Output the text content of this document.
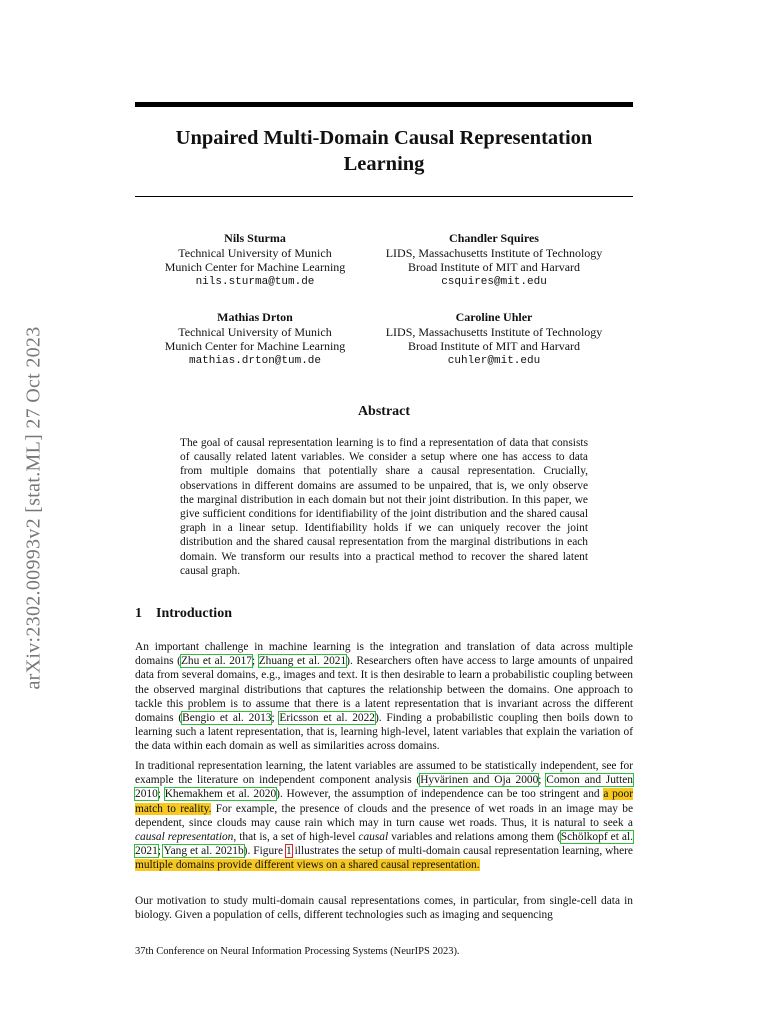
arXiv:2302.00993v2 [stat.ML] 27 Oct 2023
Unpaired Multi-Domain Causal Representation
Learning
Nils Sturma
Technical University of Munich
Munich Center for Machine Learning
nils.sturma@tum.de
Chandler Squires
LIDS, Massachusetts Institute of Technology
Broad Institute of MIT and Harvard
csquires@mit.edu
Mathias Drton
Technical University of Munich
Munich Center for Machine Learning
mathias.drton@tum.de
Caroline Uhler
LIDS, Massachusetts Institute of Technology
Broad Institute of MIT and Harvard
cuhler@mit.edu
Abstract
The goal of causal representation learning is to find a representation of data that consists of causally related latent variables. We consider a setup where one has access to data from multiple domains that potentially share a causal representation. Crucially, observations in different domains are assumed to be unpaired, that is, we only observe the marginal distribution in each domain but not their joint distribution. In this paper, we give sufficient conditions for identifiability of the joint distribution and the shared causal graph in a linear setup. Identifiability holds if we can uniquely recover the joint distribution and the shared causal representation from the marginal distributions in each domain. We transform our results into a practical method to recover the shared latent causal graph.
1 Introduction
An important challenge in machine learning is the integration and translation of data across multiple domains (Zhu et al. 2017; Zhuang et al. 2021). Researchers often have access to large amounts of unpaired data from several domains, e.g., images and text. It is then desirable to learn a probabilistic coupling between the observed marginal distributions that captures the relationship between the domains. One approach to tackle this problem is to assume that there is a latent representation that is invariant across the different domains (Bengio et al. 2013; Ericsson et al. 2022). Finding a probabilistic coupling then boils down to learning such a latent representation, that is, learning high-level, latent variables that explain the variation of the data within each domain as well as similarities across domains.
In traditional representation learning, the latent variables are assumed to be statistically independent, see for example the literature on independent component analysis (Hyvärinen and Oja 2000; Comon and Jutten 2010; Khemakhem et al. 2020). However, the assumption of independence can be too stringent and a poor match to reality. For example, the presence of clouds and the presence of wet roads in an image may be dependent, since clouds may cause rain which may in turn cause wet roads. Thus, it is natural to seek a causal representation, that is, a set of high-level causal variables and relations among them (Schölkopf et al. 2021; Yang et al. 2021b). Figure 1 illustrates the setup of multi-domain causal representation learning, where multiple domains provide different views on a shared causal representation.
Our motivation to study multi-domain causal representations comes, in particular, from single-cell data in biology. Given a population of cells, different technologies such as imaging and sequencing
37th Conference on Neural Information Processing Systems (NeurIPS 2023).
